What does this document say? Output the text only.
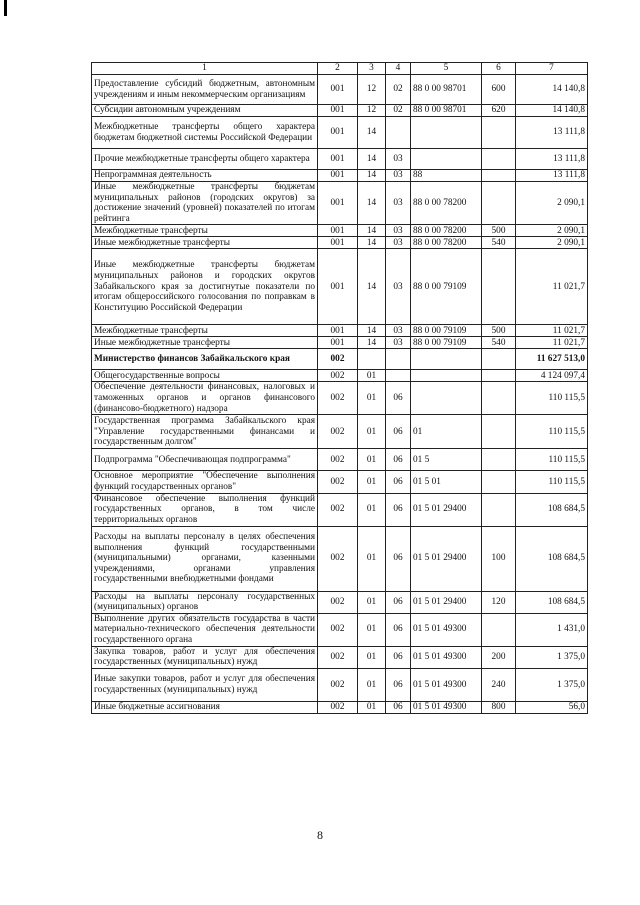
1	2	3	4	5	6	7
Предоставление субсидий бюджетным, автономным учреждениям и иным некоммерческим организациям	001	12	02	88 0 00 98701	600	14 140,8
Субсидии автономным учреждениям	001	12	02	88 0 00 98701	620	14 140,8
Межбюджетные трансферты общего характера бюджетам бюджетной системы Российской Федерации	001	14				13 111,8
Прочие межбюджетные трансферты общего характера	001	14	03			13 111,8
Непрограммная деятельность	001	14	03	88		13 111,8
Иные межбюджетные трансферты бюджетам муниципальных районов (городских округов) за достижение значений (уровней) показателей по итогам рейтинга	001	14	03	88 0 00 78200		2 090,1
Межбюджетные трансферты	001	14	03	88 0 00 78200	500	2 090,1
Иные межбюджетные трансферты	001	14	03	88 0 00 78200	540	2 090,1
Иные межбюджетные трансферты бюджетам муниципальных районов и городских округов Забайкальского края за достигнутые показатели по итогам общероссийского голосования по поправкам в Конституцию Российской Федерации	001	14	03	88 0 00 79109		11 021,7
Межбюджетные трансферты	001	14	03	88 0 00 79109	500	11 021,7
Иные межбюджетные трансферты	001	14	03	88 0 00 79109	540	11 021,7
Министерство финансов Забайкальского края	002					11 627 513,0
Общегосударственные вопросы	002	01				4 124 097,4
Обеспечение деятельности финансовых, налоговых и таможенных органов и органов финансового (финансово-бюджетного) надзора	002	01	06			110 115,5
Государственная программа Забайкальского края "Управление государственными финансами и государственным долгом"	002	01	06	01		110 115,5
Подпрограмма "Обеспечивающая подпрограмма"	002	01	06	01 5		110 115,5
Основное мероприятие "Обеспечение выполнения функций государственных органов"	002	01	06	01 5 01		110 115,5
Финансовое обеспечение выполнения функций государственных органов, в том числе территориальных органов	002	01	06	01 5 01 29400		108 684,5
Расходы на выплаты персоналу в целях обеспечения выполнения функций государственными (муниципальными) органами, казенными учреждениями, органами управления государственными внебюджетными фондами	002	01	06	01 5 01 29400	100	108 684,5
Расходы на выплаты персоналу государственных (муниципальных) органов	002	01	06	01 5 01 29400	120	108 684,5
Выполнение других обязательств государства в части материально-технического обеспечения деятельности государственного органа	002	01	06	01 5 01 49300		1 431,0
Закупка товаров, работ и услуг для обеспечения государственных (муниципальных) нужд	002	01	06	01 5 01 49300	200	1 375,0
Иные закупки товаров, работ и услуг для обеспечения государственных (муниципальных) нужд	002	01	06	01 5 01 49300	240	1 375,0
Иные бюджетные ассигнования	002	01	06	01 5 01 49300	800	56,0
8
